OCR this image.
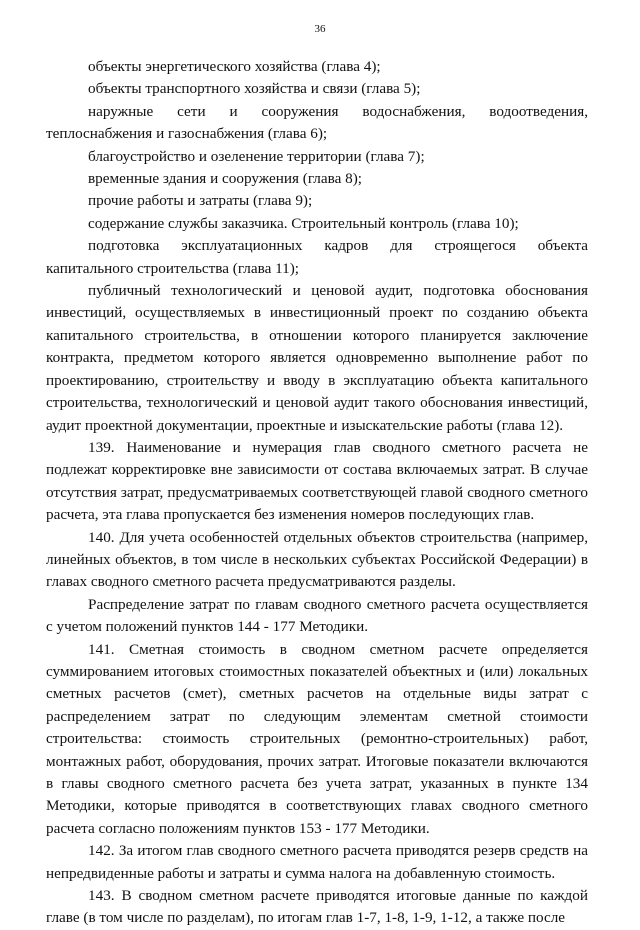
36

объекты энергетического хозяйства (глава 4);

объекты транспортного хозяйства и связи (глава 5);

наружные сети и сооружения водоснабжения, водоотведения, теплоснабжения и газоснабжения (глава 6);

благоустройство и озеленение территории (глава 7);

временные здания и сооружения (глава 8);

прочие работы и затраты (глава 9);

содержание службы заказчика. Строительный контроль (глава 10);

подготовка эксплуатационных кадров для строящегося объекта капитального строительства (глава 11);

публичный технологический и ценовой аудит, подготовка обоснования инвестиций, осуществляемых в инвестиционный проект по созданию объекта капитального строительства, в отношении которого планируется заключение контракта, предметом которого является одновременно выполнение работ по проектированию, строительству и вводу в эксплуатацию объекта капитального строительства, технологический и ценовой аудит такого обоснования инвестиций, аудит проектной документации, проектные и изыскательские работы (глава 12).

139. Наименование и нумерация глав сводного сметного расчета не подлежат корректировке вне зависимости от состава включаемых затрат. В случае отсутствия затрат, предусматриваемых соответствующей главой сводного сметного расчета, эта глава пропускается без изменения номеров последующих глав.

140. Для учета особенностей отдельных объектов строительства (например, линейных объектов, в том числе в нескольких субъектах Российской Федерации) в главах сводного сметного расчета предусматриваются разделы.

Распределение затрат по главам сводного сметного расчета осуществляется с учетом положений пунктов 144 - 177 Методики.

141. Сметная стоимость в сводном сметном расчете определяется суммированием итоговых стоимостных показателей объектных и (или) локальных сметных расчетов (смет), сметных расчетов на отдельные виды затрат с распределением затрат по следующим элементам сметной стоимости строительства: стоимость строительных (ремонтно-строительных) работ, монтажных работ, оборудования, прочих затрат. Итоговые показатели включаются в главы сводного сметного расчета без учета затрат, указанных в пункте 134 Методики, которые приводятся в соответствующих главах сводного сметного расчета согласно положениям пунктов 153 - 177 Методики.

142. За итогом глав сводного сметного расчета приводятся резерв средств на непредвиденные работы и затраты и сумма налога на добавленную стоимость.

143. В сводном сметном расчете приводятся итоговые данные по каждой главе (в том числе по разделам), по итогам глав 1-7, 1-8, 1-9, 1-12, а также после
